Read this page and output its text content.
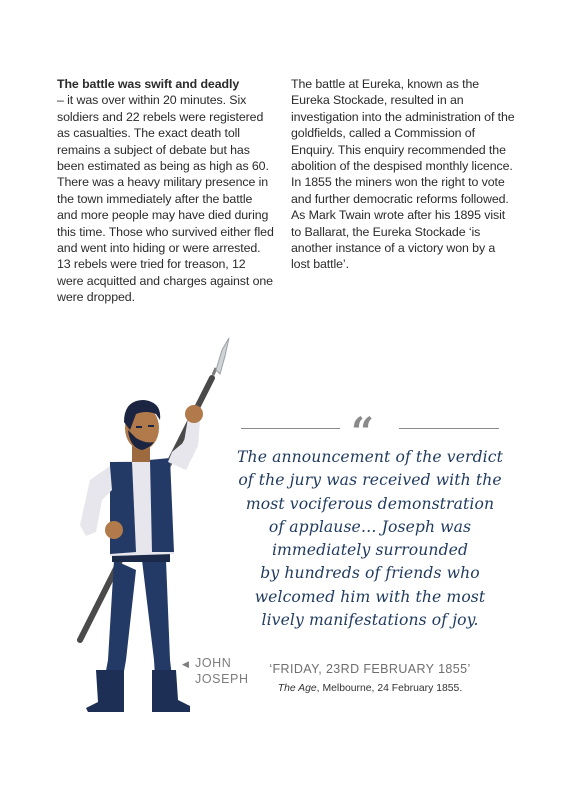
The battle was swift and deadly
– it was over within 20 minutes. Six soldiers and 22 rebels were registered as casualties. The exact death toll remains a subject of debate but has been estimated as being as high as 60. There was a heavy military presence in the town immediately after the battle and more people may have died during this time. Those who survived either fled and went into hiding or were arrested. 13 rebels were tried for treason, 12 were acquitted and charges against one were dropped.

The battle at Eureka, known as the Eureka Stockade, resulted in an investigation into the administration of the goldfields, called a Commission of Enquiry. This enquiry recommended the abolition of the despised monthly licence. In 1855 the miners won the right to vote and further democratic reforms followed. As Mark Twain wrote after his 1895 visit to Ballarat, the Eureka Stockade ‘is another instance of a victory won by a lost battle’.

◀ JOHN
JOSEPH
“
The announcement of the verdict
of the jury was received with the
most vociferous demonstration
of applause… Joseph was
immediately surrounded
by hundreds of friends who
welcomed him with the most
lively manifestations of joy.
‘FRIDAY, 23RD FEBRUARY 1855’
The Age, Melbourne, 24 February 1855.
